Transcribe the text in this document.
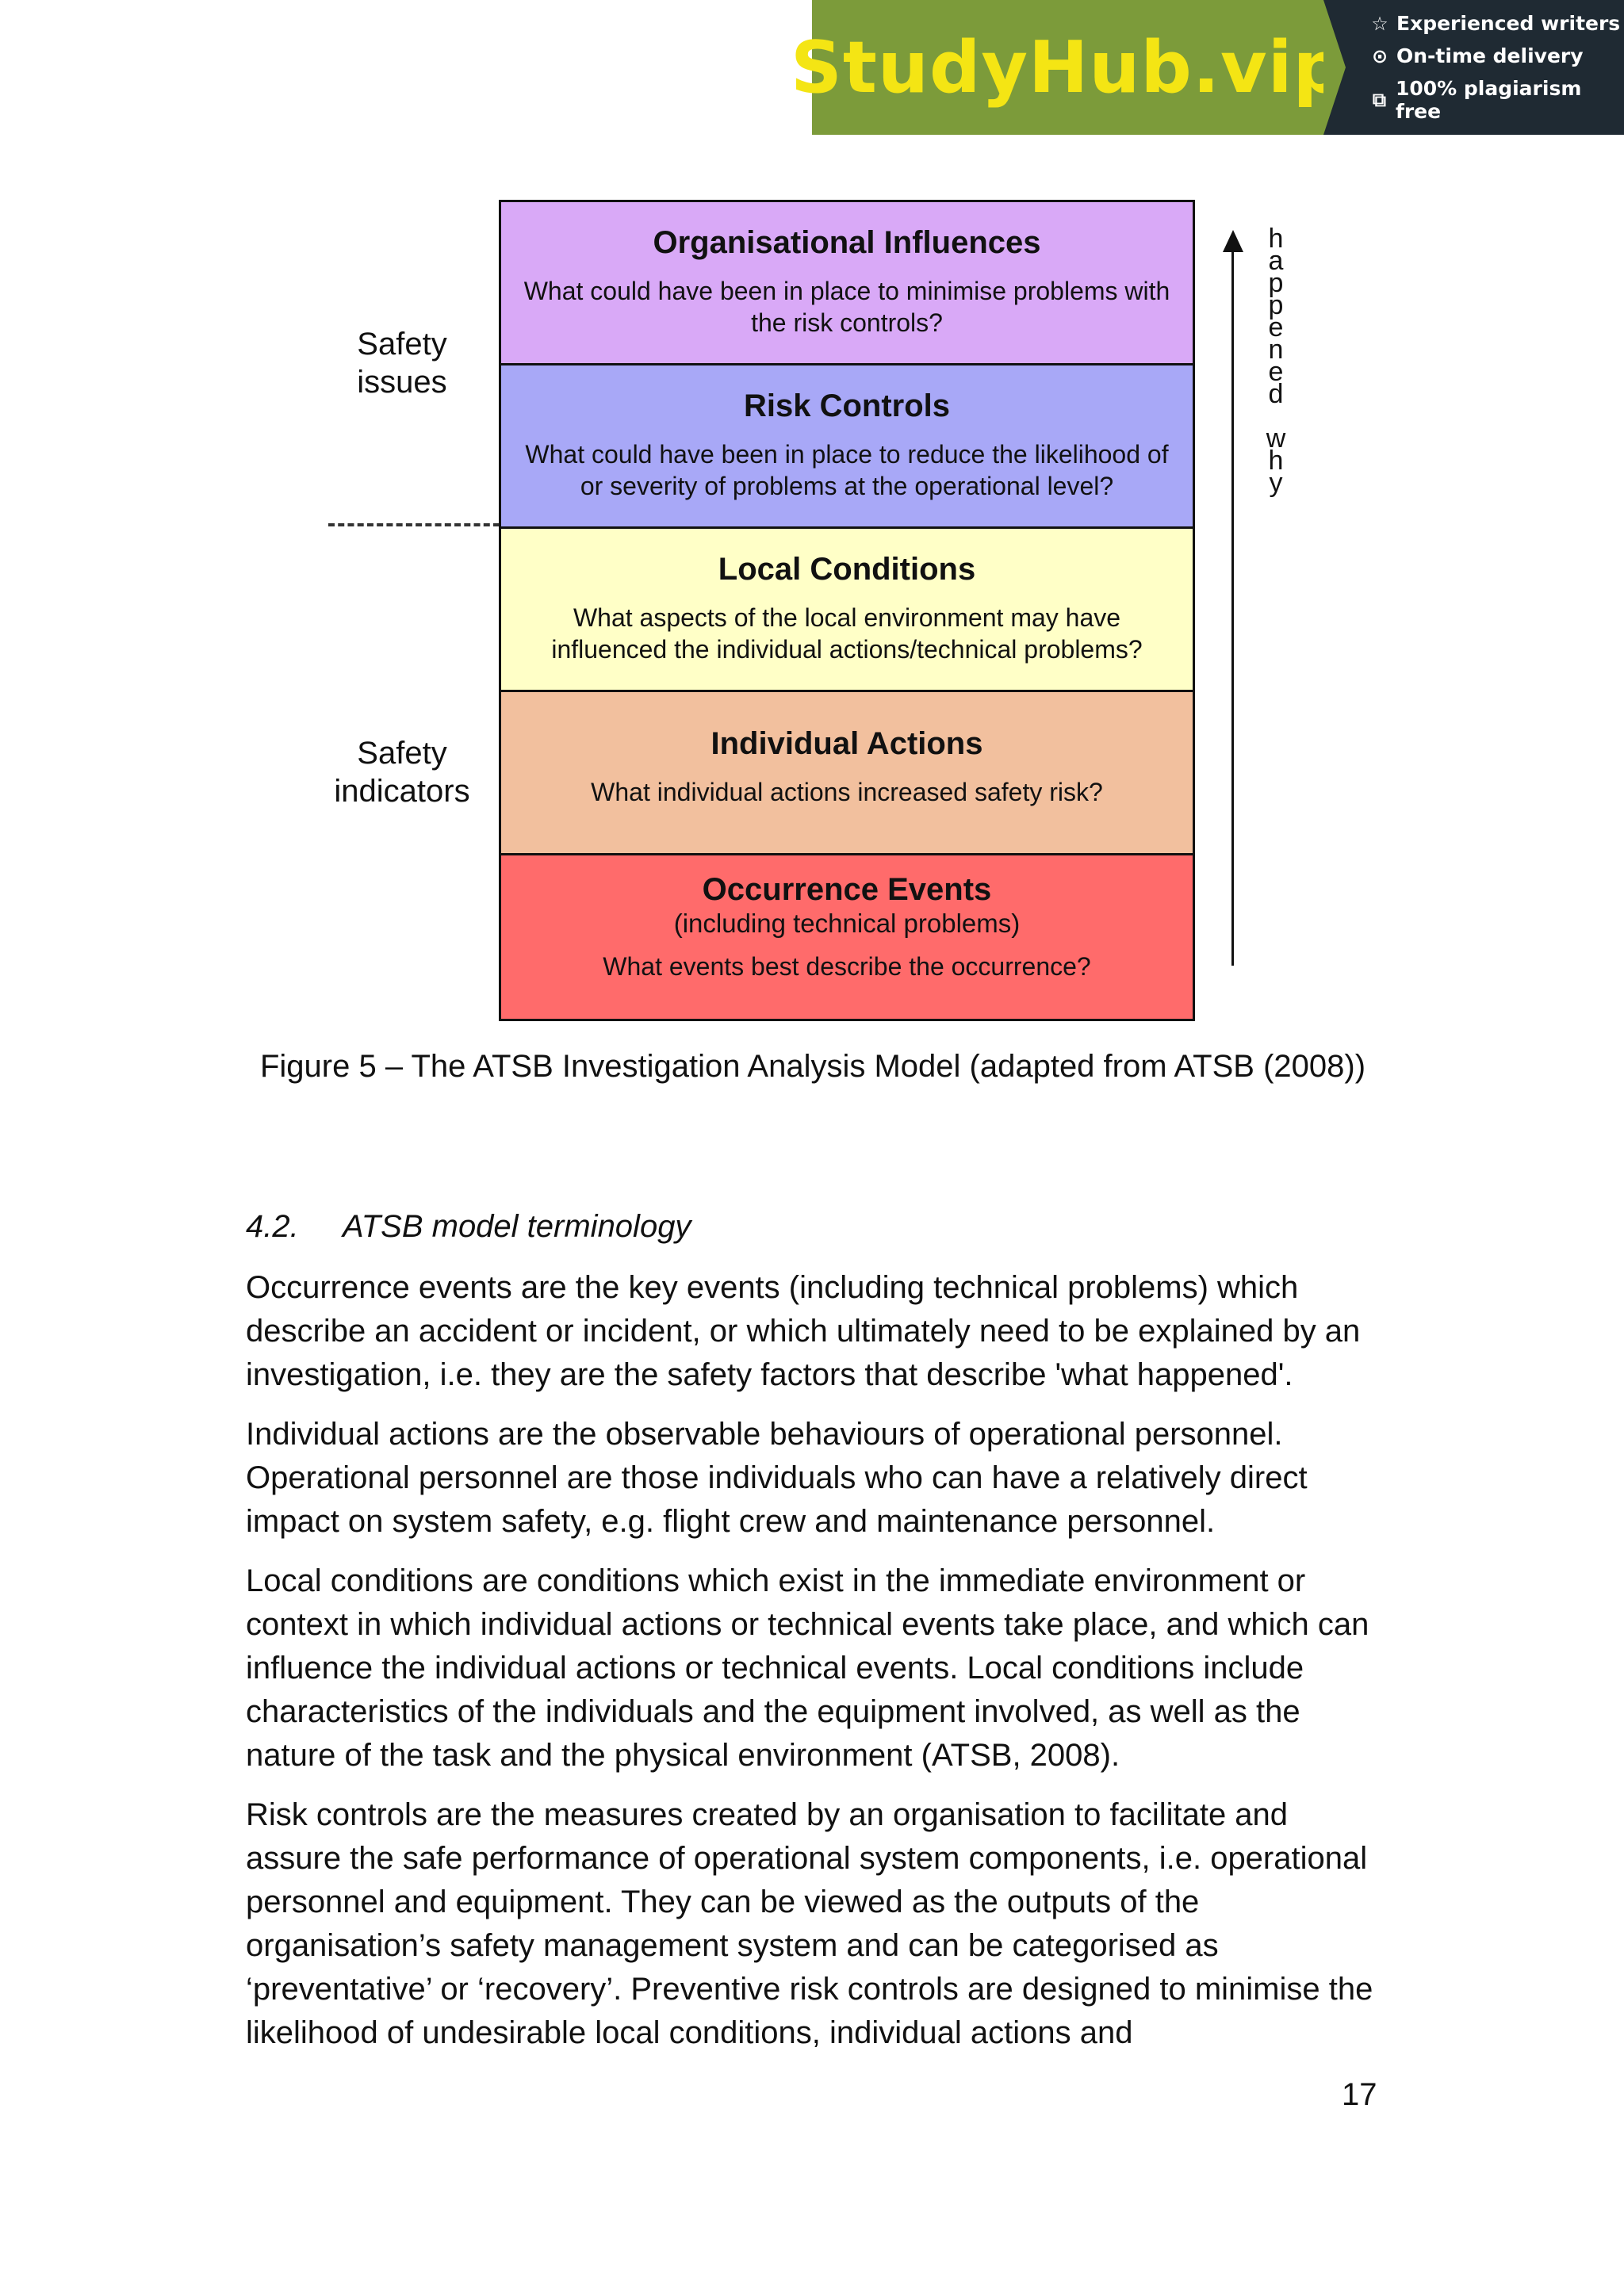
StudyHub.vip
☆ Experienced writers
⊙ On-time delivery
⧉ 100% plagiarism free
Safety issues
Safety indicators
Organisational Influences
What could have been in place to minimise problems with the risk controls?
Risk Controls
What could have been in place to reduce the likelihood of or severity of problems at the operational level?
Local Conditions
What aspects of the local environment may have influenced the individual actions/technical problems?
Individual Actions
What individual actions increased safety risk?
Occurrence Events
(including technical problems)
What events best describe the occurrence?
happened why
Figure 5 – The ATSB Investigation Analysis Model (adapted from ATSB (2008))
4.2. ATSB model terminology

Occurrence events are the key events (including technical problems) which describe an accident or incident, or which ultimately need to be explained by an investigation, i.e. they are the safety factors that describe 'what happened'.

Individual actions are the observable behaviours of operational personnel. Operational personnel are those individuals who can have a relatively direct impact on system safety, e.g. flight crew and maintenance personnel.

Local conditions are conditions which exist in the immediate environment or context in which individual actions or technical events take place, and which can influence the individual actions or technical events. Local conditions include characteristics of the individuals and the equipment involved, as well as the nature of the task and the physical environment (ATSB, 2008).

Risk controls are the measures created by an organisation to facilitate and assure the safe performance of operational system components, i.e. operational personnel and equipment. They can be viewed as the outputs of the organisation’s safety management system and can be categorised as ‘preventative’ or ‘recovery’. Preventive risk controls are designed to minimise the likelihood of undesirable local conditions, individual actions and

17
